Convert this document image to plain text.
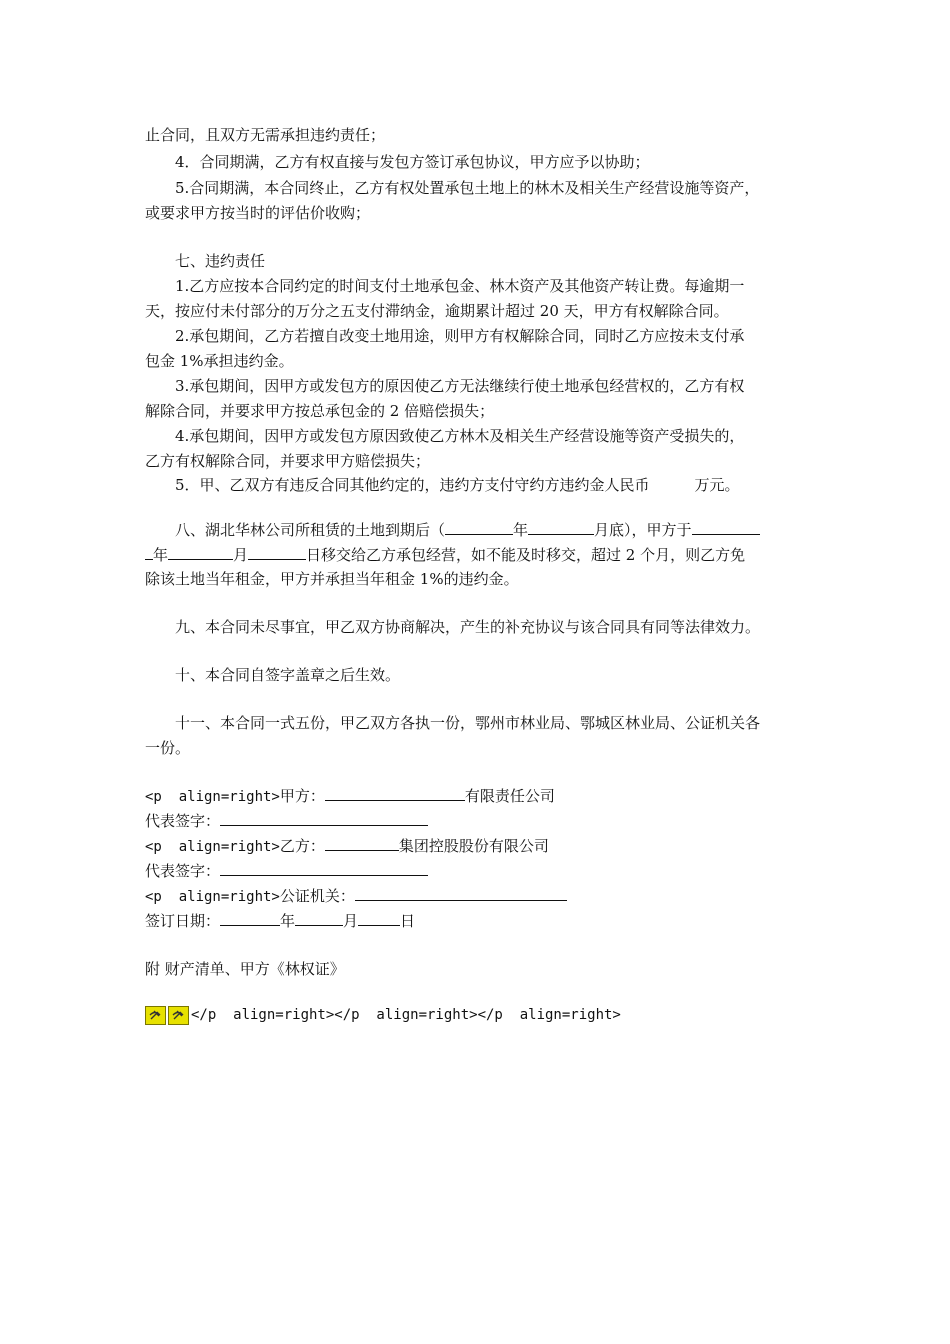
止合同，且双方无需承担违约责任；
　　4．合同期满，乙方有权直接与发包方签订承包协议，甲方应予以协助；
　　5.合同期满，本合同终止，乙方有权处置承包土地上的林木及相关生产经营设施等资产，
或要求甲方按当时的评估价收购；
　　七、违约责任
　　1.乙方应按本合同约定的时间支付土地承包金、林木资产及其他资产转让费。每逾期一
天，按应付未付部分的万分之五支付滞纳金，逾期累计超过 20 天，甲方有权解除合同。
　　2.承包期间，乙方若擅自改变土地用途，则甲方有权解除合同，同时乙方应按未支付承
包金 1%承担违约金。
　　3.承包期间，因甲方或发包方的原因使乙方无法继续行使土地承包经营权的，乙方有权
解除合同，并要求甲方按总承包金的 2 倍赔偿损失；
　　4.承包期间，因甲方或发包方原因致使乙方林木及相关生产经营设施等资产受损失的，
乙方有权解除合同，并要求甲方赔偿损失；
　　5．甲、乙双方有违反合同其他约定的，违约方支付守约方违约金人民币　　　万元。
　　八、湖北华林公司所租赁的土地到期后（	年	月底），甲方于
年	月	日移交给乙方承包经营，如不能及时移交，超过 2 个月，则乙方免
除该土地当年租金，甲方并承担当年租金 1%的违约金。
　　九、本合同未尽事宜，甲乙双方协商解决，产生的补充协议与该合同具有同等法律效力。
　　十、本合同自签字盖章之后生效。
　　十一、本合同一式五份，甲乙双方各执一份，鄂州市林业局、鄂城区林业局、公证机关各
一份。
<p  align=right>甲方：	有限责任公司
代表签字：
<p  align=right>乙方：	集团控股股份有限公司
代表签字：
<p  align=right>公证机关：
签订日期：	年	月	日
附 财产清单、甲方《林权证》
</p  align=right></p  align=right></p  align=right>
